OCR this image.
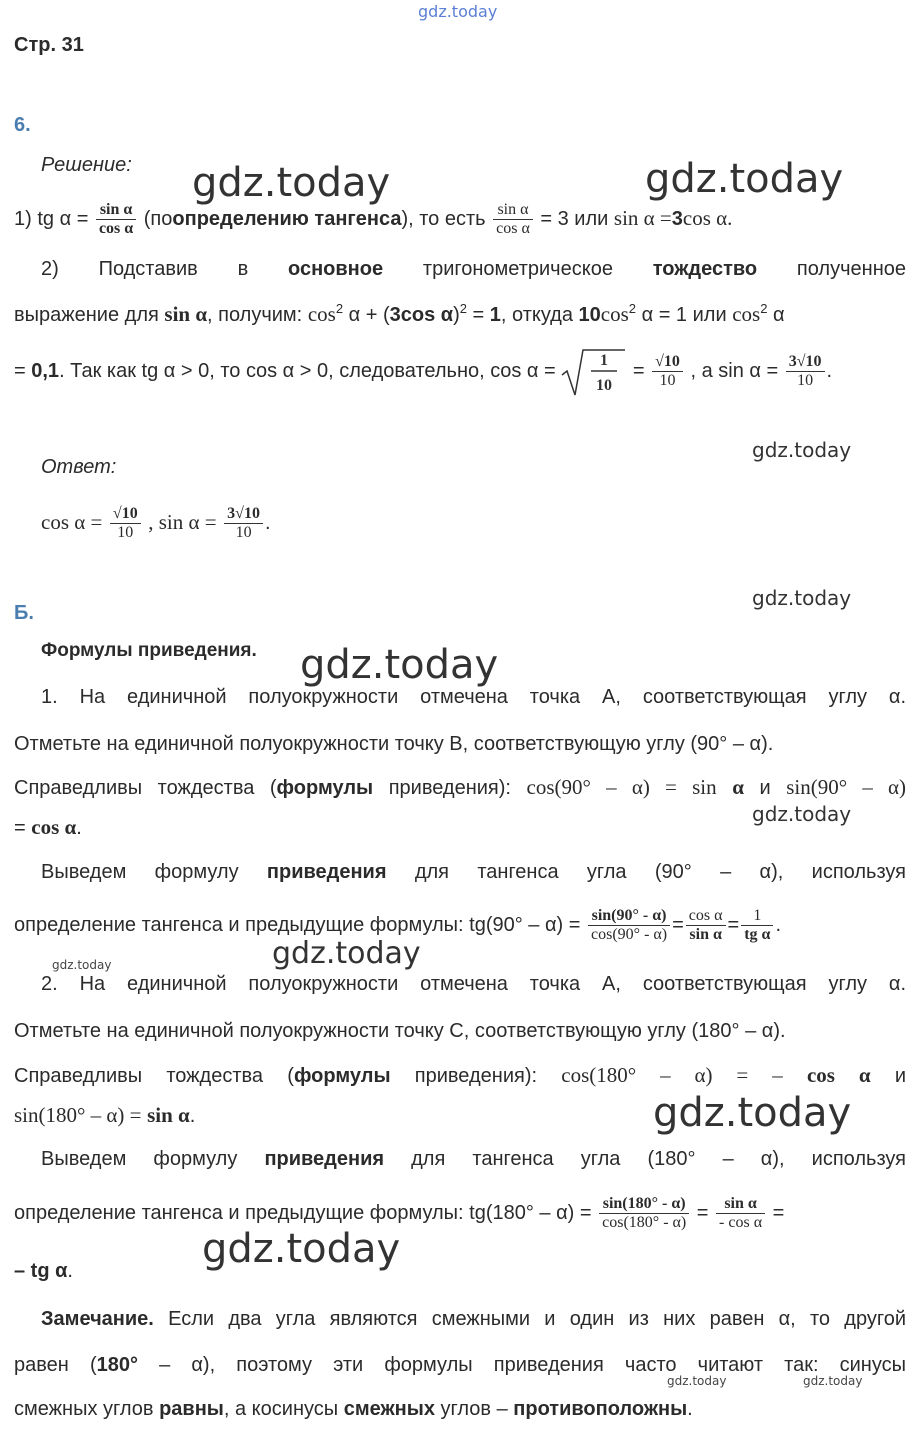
gdz.today
gdz.today	gdz.today
gdz.today
gdz.today
gdz.today
gdz.today
gdz.today
gdz.today
gdz.today
gdz.today
gdz.today	gdz.today
Стр. 31
6.
Решение:
1) tg $\alpha = \frac{\text{sin α}}{\text{cos α}}$ (поопределению тангенса), то есть $\frac{\text{sin α}}{\text{cos α}} = 3$ или sin α =3cos α.
2) Подставив в основное тригонометрическое тождество полученное
выражение для sin α, получим: $\cos^2 \alpha + (3\cos$ α)$^2$ = 1, откуда $10\cos^2$ α = 1 или $\cos^2 \alpha$
= 0,1. Так как tg α > 0, то cos α > 0, следовательно, cos α =	1
10
= $\frac{√10}{10}$ , а $\sin \alpha = \frac{3√10}{10}$ .
Ответ:
$\cos \alpha = \frac{√10}{10}$ , $\sin \alpha = \frac{3√10}{10}$ .
Б.
Формулы приведения.
1. На единичной полуокружности отмечена точка А, соответствующая углу α.
Отметьте на единичной полуокружности точку В, соответствующую углу (90° – α).
Справедливы тождества (формулы приведения): cos(90° – α) = sin α и sin(90° – α)
= cos α.
Выведем формулу приведения для тангенса угла (90° – α), используя
определение тангенса и предыдущие формулы: $tg(90^\circ - \alpha) = \frac{\sin(90^\circ - \alpha)}{\cos(90^\circ - \alpha)} = \frac{\text{cos α}}{\text{sin α}} = \frac{1}{\text{tg α}}$ .
2. На единичной полуокружности отмечена точка А, соответствующая углу α.
Отметьте на единичной полуокружности точку С, соответствующую углу (180° – α).
Справедливы тождества (формулы приведения): cos(180° – α) = – cos α и
sin(180° – α) = sin α.
Выведем формулу приведения для тангенса угла (180° – α), используя
определение тангенса и предыдущие формулы: $tg(180^\circ - \alpha) = \frac{\sin(180^\circ - \alpha)}{\cos(180^\circ - \alpha)} = \frac{\text{sin α}}{\text{- cos α}}$ =
– tg α.
Замечание. Если два угла являются смежными и один из них равен α, то другой
равен (180° – α), поэтому эти формулы приведения часто читают так: синусы
смежных углов равны, а косинусы смежных углов – противоположны.
